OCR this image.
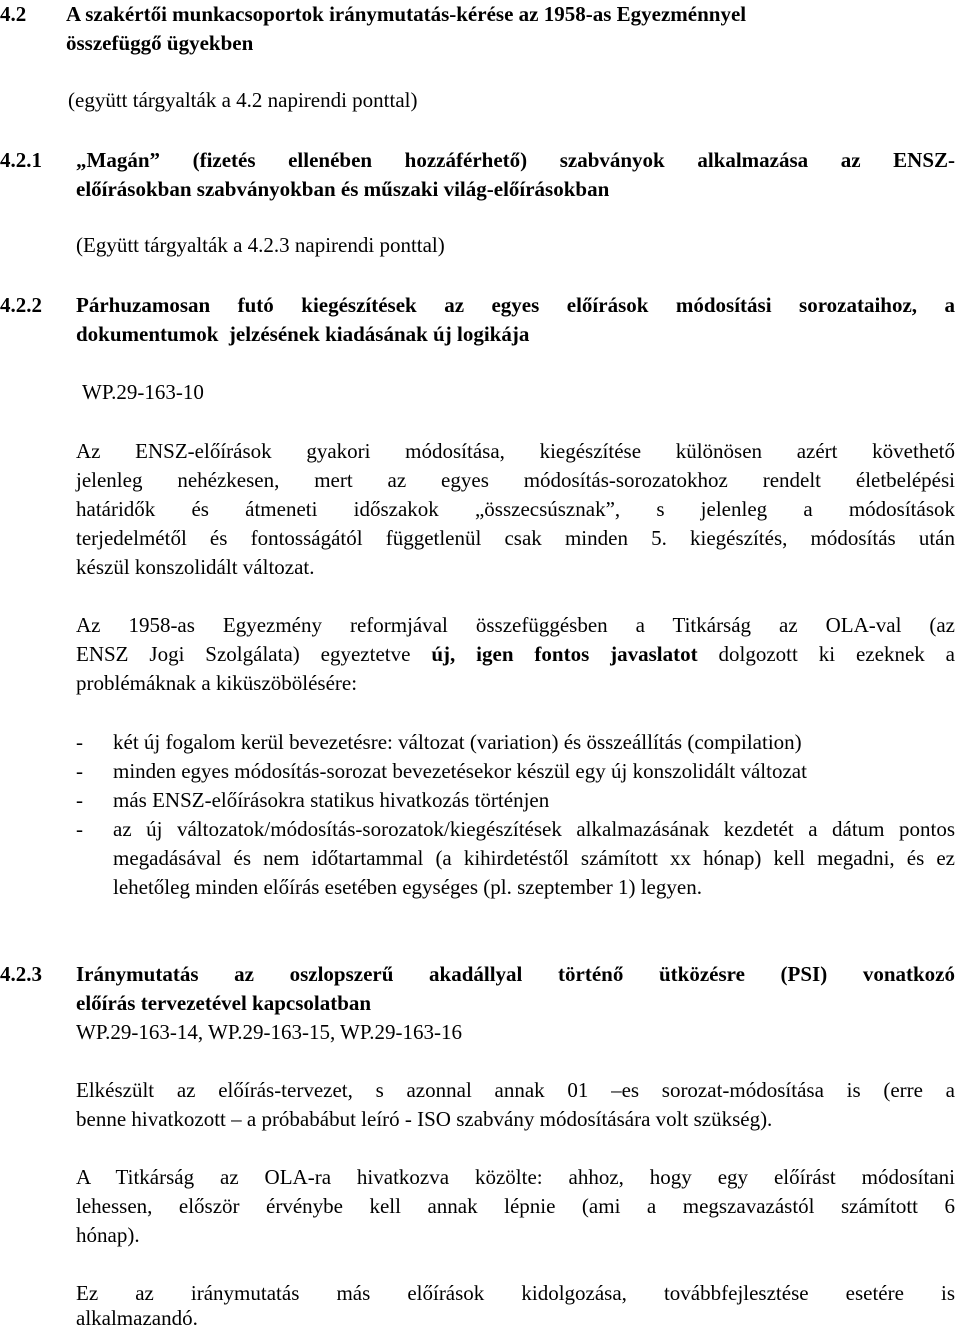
4.2 A szakértői munkacsoportok iránymutatás-kérése az 1958-as Egyezménnyel
összefüggő ügyekben
(együtt tárgyalták a 4.2 napirendi ponttal)
4.2.1 „Magán” (fizetés ellenében hozzáférhető) szabványok alkalmazása az ENSZ-
előírásokban szabványokban és műszaki világ-előírásokban
(Együtt tárgyalták a 4.2.3 napirendi ponttal)
4.2.2 Párhuzamosan futó kiegészítések az egyes előírások módosítási sorozataihoz, a
dokumentumok  jelzésének kiadásának új logikája
WP.29-163-10

Az ENSZ-előírások gyakori módosítása, kiegészítése különösen azért követhető

jelenleg nehézkesen, mert az egyes módosítás-sorozatokhoz rendelt életbelépési

határidők és átmeneti időszakok „összecsúsznak”, s jelenleg a módosítások

terjedelmétől és fontosságától függetlenül csak minden 5. kiegészítés, módosítás után

készül konszolidált változat.

Az 1958-as Egyezmény reformjával összefüggésben a Titkárság az OLA-val (az

ENSZ Jogi Szolgálata) egyeztetve új, igen fontos javaslatot dolgozott ki ezeknek a

problémáknak a kiküszöbölésére:

- két új fogalom kerül bevezetésre: változat (variation) és összeállítás (compilation)

- minden egyes módosítás-sorozat bevezetésekor készül egy új konszolidált változat

- más ENSZ-előírásokra statikus hivatkozás történjen

- az új változatok/módosítás-sorozatok/kiegészítések alkalmazásának kezdetét a dátum pontos megadásával és nem időtartammal (a kihirdetéstől számított xx hónap) kell megadni, és ez lehetőleg minden előírás esetében egységes (pl. szeptember 1) legyen.

4.2.3 Iránymutatás az oszlopszerű akadállyal történő ütközésre (PSI) vonatkozó
előírás tervezetével kapcsolatban
WP.29-163-14, WP.29-163-15, WP.29-163-16

Elkészült az előírás-tervezet, s azonnal annak 01 –es sorozat-módosítása is (erre a

benne hivatkozott – a próbabábut leíró - ISO szabvány módosítására volt szükség).

A Titkárság az OLA-ra hivatkozva közölte: ahhoz, hogy egy előírást módosítani

lehessen, először érvénybe kell annak lépnie (ami a megszavazástól számított 6

hónap).

Ez az iránymutatás más előírások kidolgozása, továbbfejlesztése esetére is

alkalmazandó.
